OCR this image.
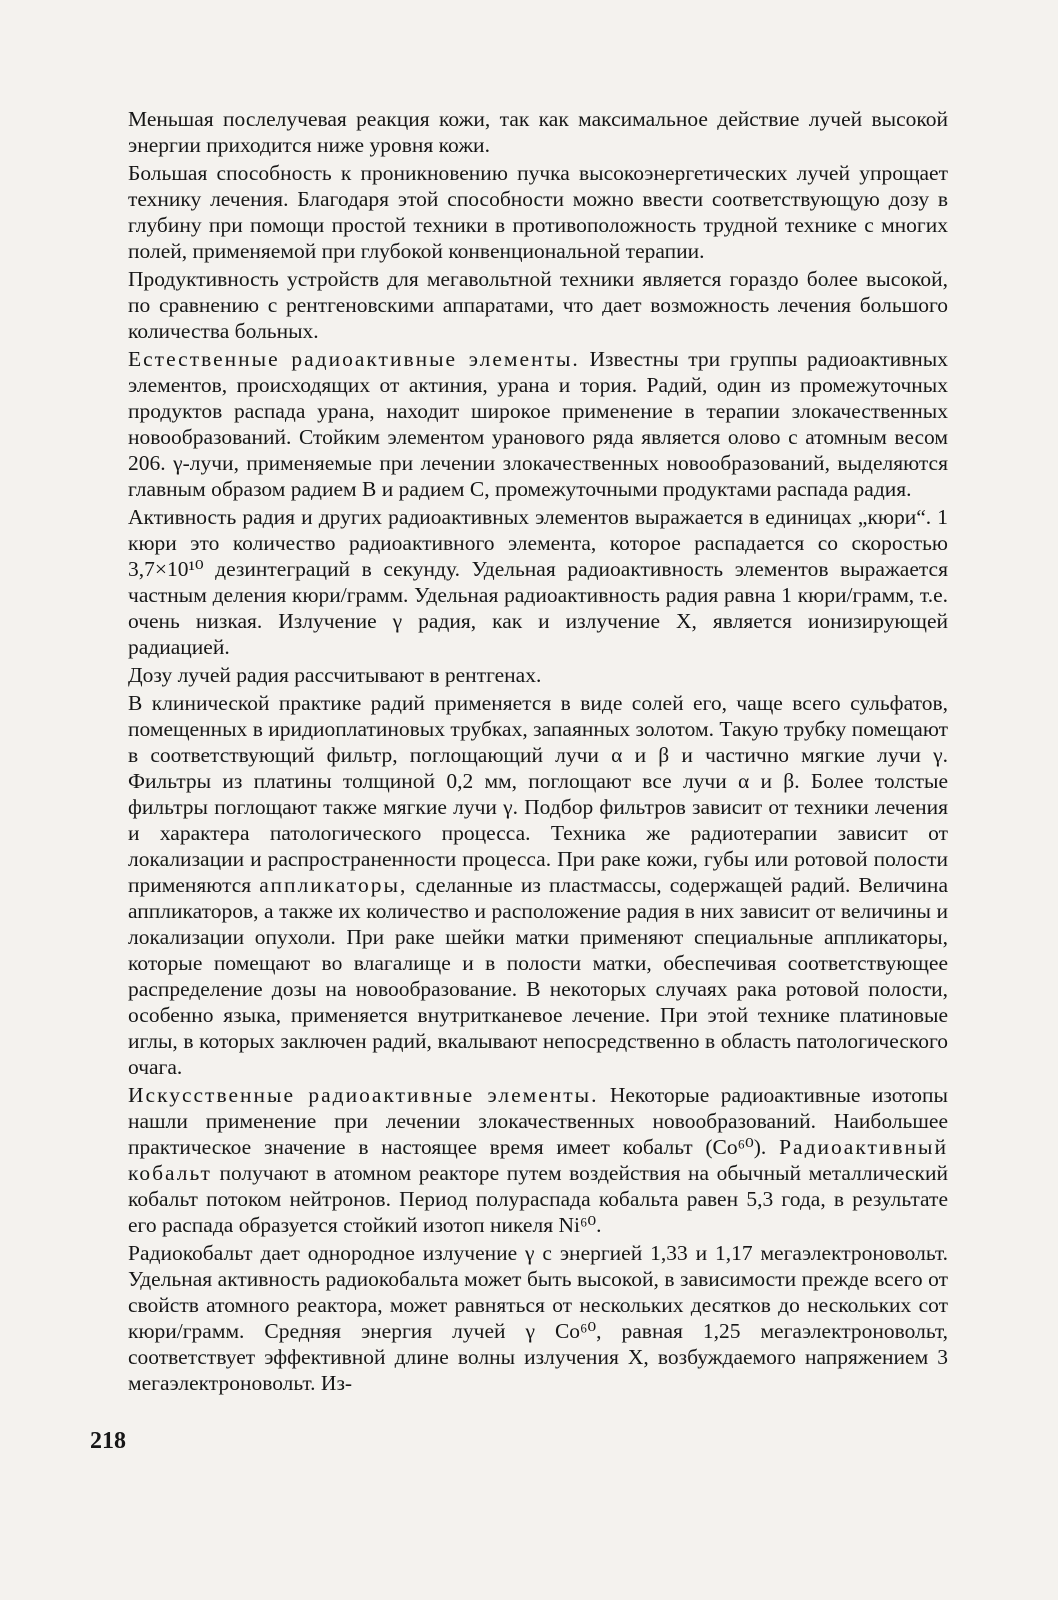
Меньшая послелучевая реакция кожи, так как максимальное действие лучей высокой энергии приходится ниже уровня кожи.

Большая способность к проникновению пучка высокоэнергетических лучей упрощает технику лечения. Благодаря этой способности можно ввести соответствующую дозу в глубину при помощи простой техники в противоположность трудной технике с многих полей, применяемой при глубокой конвенциональной терапии.

Продуктивность устройств для мегавольтной техники является гораздо более высокой, по сравнению с рентгеновскими аппаратами, что дает возможность лечения большого количества больных.

Естественные радиоактивные элементы. Известны три группы радиоактивных элементов, происходящих от актиния, урана и тория. Радий, один из промежуточных продуктов распада урана, находит широкое применение в терапии злокачественных новообразований. Стойким элементом уранового ряда является олово с атомным весом 206. γ-лучи, применяемые при лечении злокачественных новообразований, выделяются главным образом радием B и радием C, промежуточными продуктами распада радия.

Активность радия и других радиоактивных элементов выражается в единицах „кюри“. 1 кюри это количество радиоактивного элемента, которое распадается со скоростью 3,7×10¹⁰ дезинтеграций в секунду. Удельная радиоактивность элементов выражается частным деления кюри/грамм. Удельная радиоактивность радия равна 1 кюри/грамм, т.е. очень низкая. Излучение γ радия, как и излучение X, является ионизирующей радиацией.

Дозу лучей радия рассчитывают в рентгенах.

В клинической практике радий применяется в виде солей его, чаще всего сульфатов, помещенных в иридиоплатиновых трубках, запаянных золотом. Такую трубку помещают в соответствующий фильтр, поглощающий лучи α и β и частично мягкие лучи γ. Фильтры из платины толщиной 0,2 мм, поглощают все лучи α и β. Более толстые фильтры поглощают также мягкие лучи γ. Подбор фильтров зависит от техники лечения и характера патологического процесса. Техника же радиотерапии зависит от локализации и распространенности процесса. При раке кожи, губы или ротовой полости применяются аппликаторы, сделанные из пластмассы, содержащей радий. Величина аппликаторов, а также их количество и расположение радия в них зависит от величины и локализации опухоли. При раке шейки матки применяют специальные аппликаторы, которые помещают во влагалище и в полости матки, обеспечивая соответствующее распределение дозы на новообразование. В некоторых случаях рака ротовой полости, особенно языка, применяется внутритканевое лечение. При этой технике платиновые иглы, в которых заключен радий, вкалывают непосредственно в область патологического очага.

Искусственные радиоактивные элементы. Некоторые радиоактивные изотопы нашли применение при лечении злокачественных новообразований. Наибольшее практическое значение в настоящее время имеет кобальт (Co⁶⁰). Радиоактивный кобальт получают в атомном реакторе путем воздействия на обычный металлический кобальт потоком нейтронов. Период полураспада кобальта равен 5,3 года, в результате его распада образуется стойкий изотоп никеля Ni⁶⁰.

Радиокобальт дает однородное излучение γ с энергией 1,33 и 1,17 мегаэлектроновольт. Удельная активность радиокобальта может быть высокой, в зависимости прежде всего от свойств атомного реактора, может равняться от нескольких десятков до нескольких сот кюри/грамм. Средняя энергия лучей γ Co⁶⁰, равная 1,25 мегаэлектроновольт, соответствует эффективной длине волны излучения X, возбуждаемого напряжением 3 мегаэлектроновольт. Из-

218
